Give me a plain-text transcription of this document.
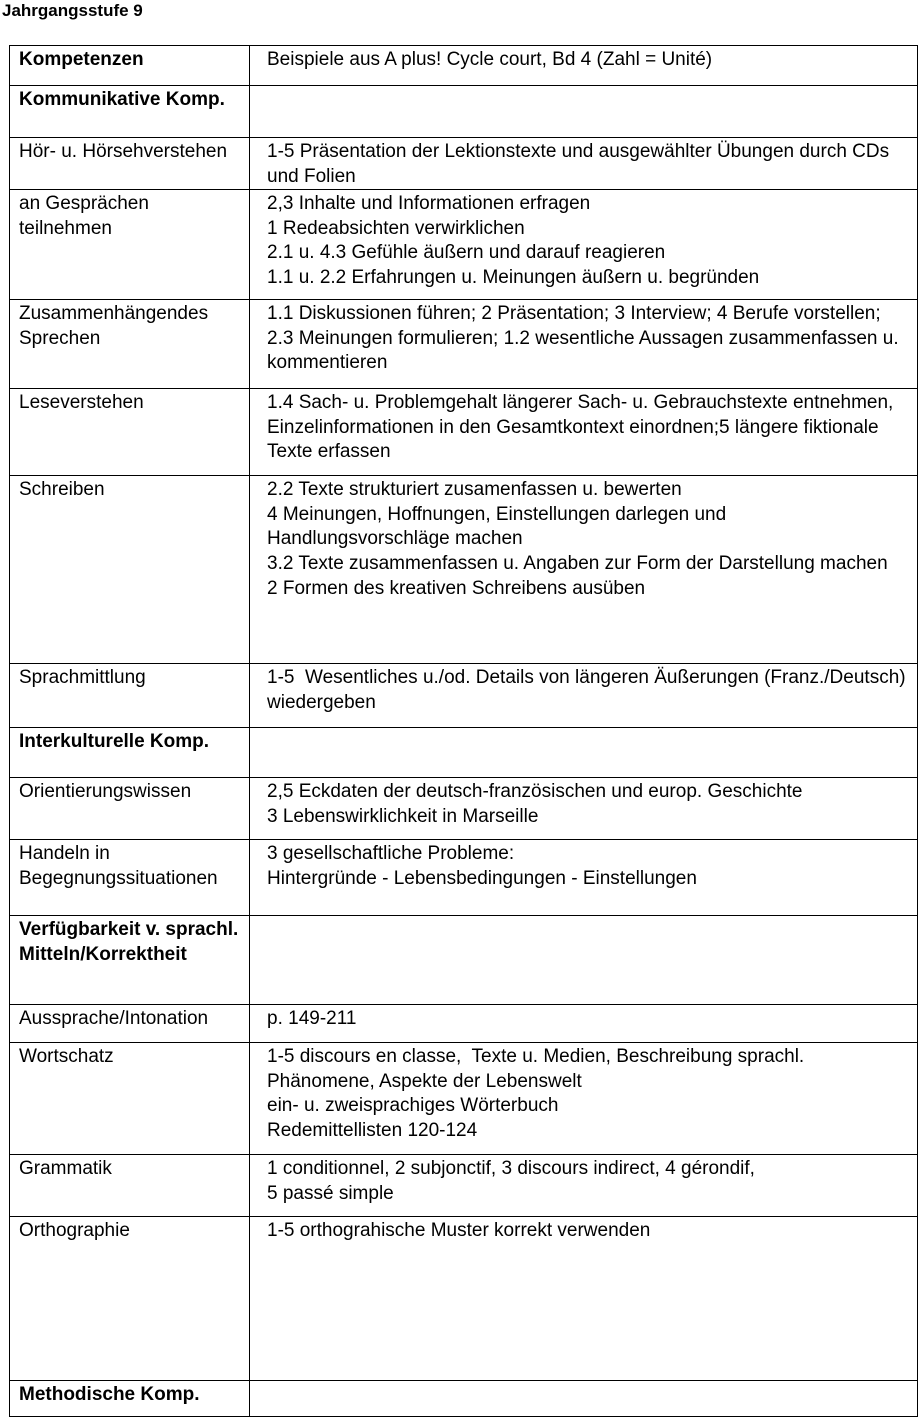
Jahrgangsstufe 9
Kompetenzen	Beispiele aus A plus! Cycle court, Bd 4 (Zahl = Unité)
Kommunikative Komp.	
Hör- u. Hörsehverstehen	1-5 Präsentation der Lektionstexte und ausgewählter Übungen durch CDs und Folien

an Gesprächen teilnehmen	2,3 Inhalte und Informationen erfragen
1 Redeabsichten verwirklichen
2.1 u. 4.3 Gefühle äußern und darauf reagieren
1.1 u. 2.2 Erfahrungen u. Meinungen äußern u. begründen

Zusammenhängendes Sprechen	1.1 Diskussionen führen; 2 Präsentation; 3 Interview; 4 Berufe vorstellen; 2.3 Meinungen formulieren; 1.2 wesentliche Aussagen zusammenfassen u. kommentieren

Leseverstehen	1.4 Sach- u. Problemgehalt längerer Sach- u. Gebrauchstexte entnehmen, Einzelinformationen in den Gesamtkontext einordnen;5 längere fiktionale Texte erfassen

Schreiben	2.2 Texte strukturiert zusamenfassen u. bewerten
4 Meinungen, Hoffnungen, Einstellungen darlegen und Handlungsvorschläge machen
3.2 Texte zusammenfassen u. Angaben zur Form der Darstellung machen
2 Formen des kreativen Schreibens ausüben

Sprachmittlung	1-5  Wesentliches u./od. Details von längeren Äußerungen (Franz./Deutsch) wiedergeben

Interkulturelle Komp.	
Orientierungswissen	2,5 Eckdaten der deutsch-französischen und europ. Geschichte
3 Lebenswirklichkeit in Marseille

Handeln in Begegnungssituationen	3 gesellschaftliche Probleme:
Hintergründe - Lebensbedingungen - Einstellungen

Verfügbarkeit v. sprachl. Mitteln/Korrektheit	
Aussprache/Intonation	p. 149-211

Wortschatz	1-5 discours en classe,  Texte u. Medien, Beschreibung sprachl. Phänomene, Aspekte der Lebenswelt
ein- u. zweisprachiges Wörterbuch
Redemittellisten 120-124

Grammatik	1 conditionnel, 2 subjonctif, 3 discours indirect, 4 gérondif,
5 passé simple

Orthographie	1-5 orthograhische Muster korrekt verwenden

Methodische Komp.	
